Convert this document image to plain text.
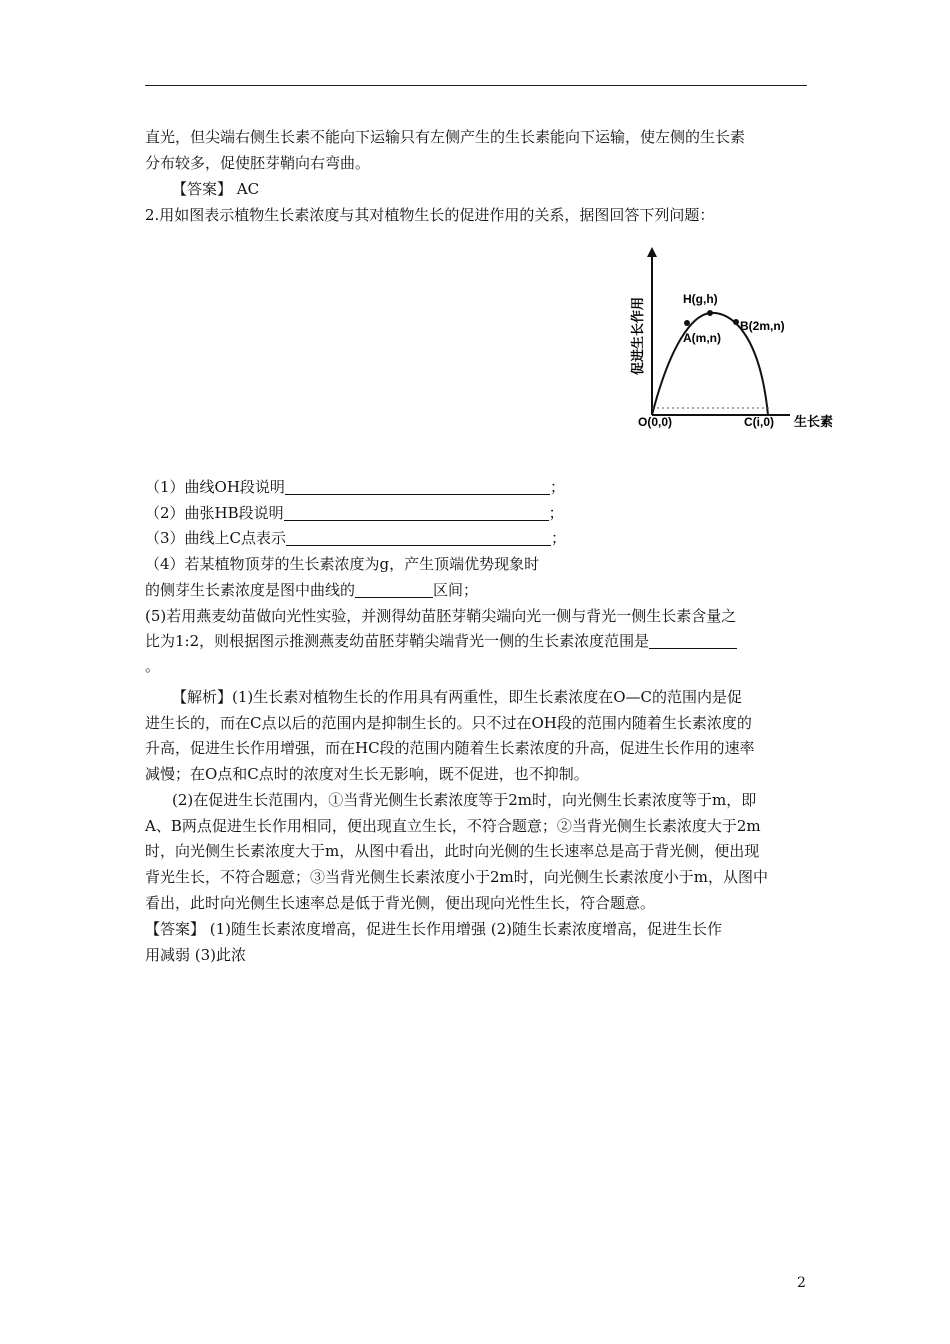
直光，但尖端右侧生长素不能向下运输只有左侧产生的生长素能向下运输，使左侧的生长素
分布较多，促使胚芽鞘向右弯曲。
【答案】 AC
2.用如图表示植物生长素浓度与其对植物生长的促进作用的关系，据图回答下列问题：
H(g,h)
B(2m,n)
A(m,n)
O(0,0)	C(i,0) 生长素
促进生长作用
（1）曲线OH段说明	；
（2）曲张HB段说明	；
（3）曲线上C点表示	；
（4）若某植物顶芽的生长素浓度为g，产生顶端优势现象时
的侧芽生长素浓度是图中曲线的	区间；
(5)若用燕麦幼苗做向光性实验，并测得幼苗胚芽鞘尖端向光一侧与背光一侧生长素含量之
比为1:2，则根据图示推测燕麦幼苗胚芽鞘尖端背光一侧的生长素浓度范围是
。
【解析】(1)生长素对植物生长的作用具有两重性，即生长素浓度在O—C的范围内是促
进生长的，而在C点以后的范围内是抑制生长的。只不过在OH段的范围内随着生长素浓度的
升高，促进生长作用增强，而在HC段的范围内随着生长素浓度的升高，促进生长作用的速率
减慢；在O点和C点时的浓度对生长无影响，既不促进，也不抑制。
(2)在促进生长范围内，①当背光侧生长素浓度等于2m时，向光侧生长素浓度等于m，即
A、B两点促进生长作用相同，便出现直立生长，不符合题意；②当背光侧生长素浓度大于2m
时，向光侧生长素浓度大于m，从图中看出，此时向光侧的生长速率总是高于背光侧，便出现
背光生长，不符合题意；③当背光侧生长素浓度小于2m时，向光侧生长素浓度小于m，从图中
看出，此时向光侧生长速率总是低于背光侧，便出现向光性生长，符合题意。
【答案】 (1)随生长素浓度增高，促进生长作用增强 (2)随生长素浓度增高，促进生长作
用减弱 (3)此浓
2
